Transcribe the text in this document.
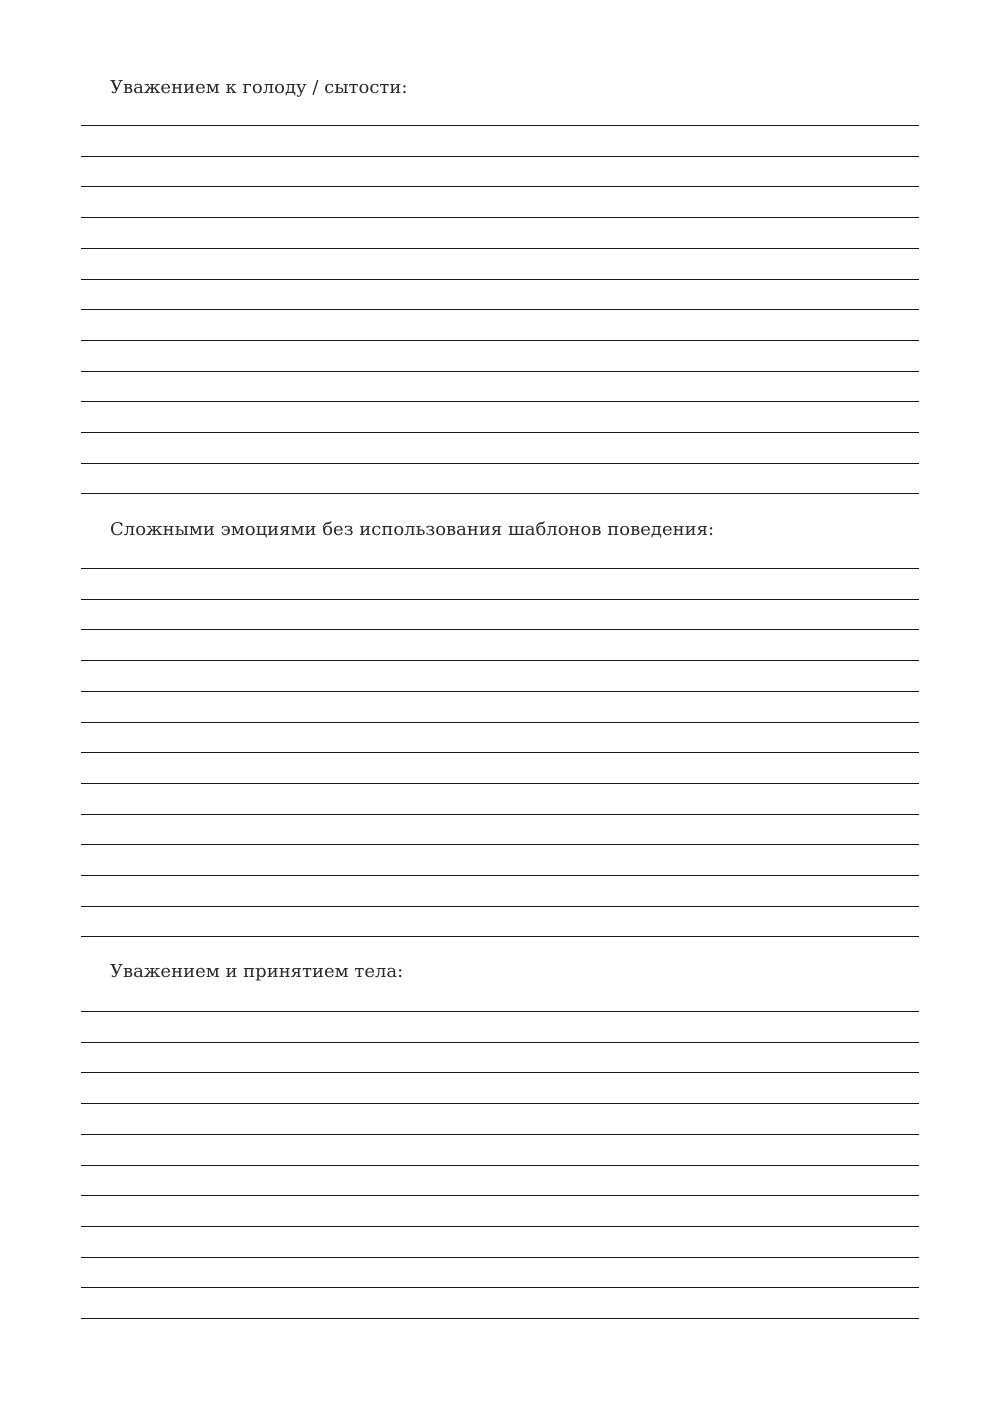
Уважением к голоду / сытости:
Сложными эмоциями без использования шаблонов поведения:
Уважением и принятием тела:
